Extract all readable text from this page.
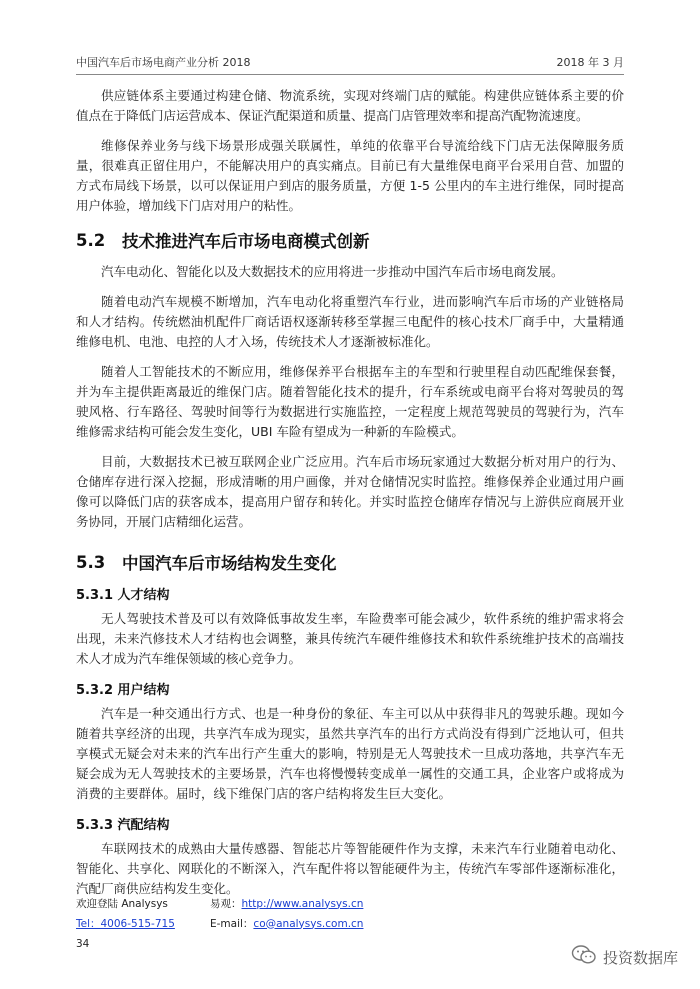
中国汽车后市场电商产业分析 2018	2018 年 3 月

供应链体系主要通过构建仓储、物流系统，实现对终端门店的赋能。构建供应链体系主要的价值点在于降低门店运营成本、保证汽配渠道和质量、提高门店管理效率和提高汽配物流速度。

维修保养业务与线下场景形成强关联属性，单纯的依靠平台导流给线下门店无法保障服务质量，很难真正留住用户，不能解决用户的真实痛点。目前已有大量维保电商平台采用自营、加盟的方式布局线下场景，以可以保证用户到店的服务质量，方便 1-5 公里内的车主进行维保，同时提高用户体验，增加线下门店对用户的粘性。

5.2	技术推进汽车后市场电商模式创新

汽车电动化、智能化以及大数据技术的应用将进一步推动中国汽车后市场电商发展。

随着电动汽车规模不断增加，汽车电动化将重塑汽车行业，进而影响汽车后市场的产业链格局和人才结构。传统燃油机配件厂商话语权逐渐转移至掌握三电配件的核心技术厂商手中，大量精通维修电机、电池、电控的人才入场，传统技术人才逐渐被标准化。

随着人工智能技术的不断应用，维修保养平台根据车主的车型和行驶里程自动匹配维保套餐，并为车主提供距离最近的维保门店。随着智能化技术的提升，行车系统或电商平台将对驾驶员的驾驶风格、行车路径、驾驶时间等行为数据进行实施监控，一定程度上规范驾驶员的驾驶行为，汽车维修需求结构可能会发生变化，UBI 车险有望成为一种新的车险模式。

目前，大数据技术已被互联网企业广泛应用。汽车后市场玩家通过大数据分析对用户的行为、仓储库存进行深入挖掘，形成清晰的用户画像，并对仓储情况实时监控。维修保养企业通过用户画像可以降低门店的获客成本，提高用户留存和转化。并实时监控仓储库存情况与上游供应商展开业务协同，开展门店精细化运营。

5.3	中国汽车后市场结构发生变化
5.3.1 人才结构

无人驾驶技术普及可以有效降低事故发生率，车险费率可能会减少，软件系统的维护需求将会出现，未来汽修技术人才结构也会调整，兼具传统汽车硬件维修技术和软件系统维护技术的高端技术人才成为汽车维保领域的核心竞争力。

5.3.2 用户结构

汽车是一种交通出行方式、也是一种身份的象征、车主可以从中获得非凡的驾驶乐趣。现如今随着共享经济的出现，共享汽车成为现实，虽然共享汽车的出行方式尚没有得到广泛地认可，但共享模式无疑会对未来的汽车出行产生重大的影响，特别是无人驾驶技术一旦成功落地，共享汽车无疑会成为无人驾驶技术的主要场景，汽车也将慢慢转变成单一属性的交通工具，企业客户或将成为消费的主要群体。届时，线下维保门店的客户结构将发生巨大变化。

5.3.3 汽配结构

车联网技术的成熟由大量传感器、智能芯片等智能硬件作为支撑，未来汽车行业随着电动化、智能化、共享化、网联化的不断深入，汽车配件将以智能硬件为主，传统汽车零部件逐渐标准化，汽配厂商供应结构发生变化。

欢迎登陆 Analysys	易观：http://www.analysys.cn
Tel：4006-515-715	E-mail：co@analysys.com.cn
34
投资数据库
